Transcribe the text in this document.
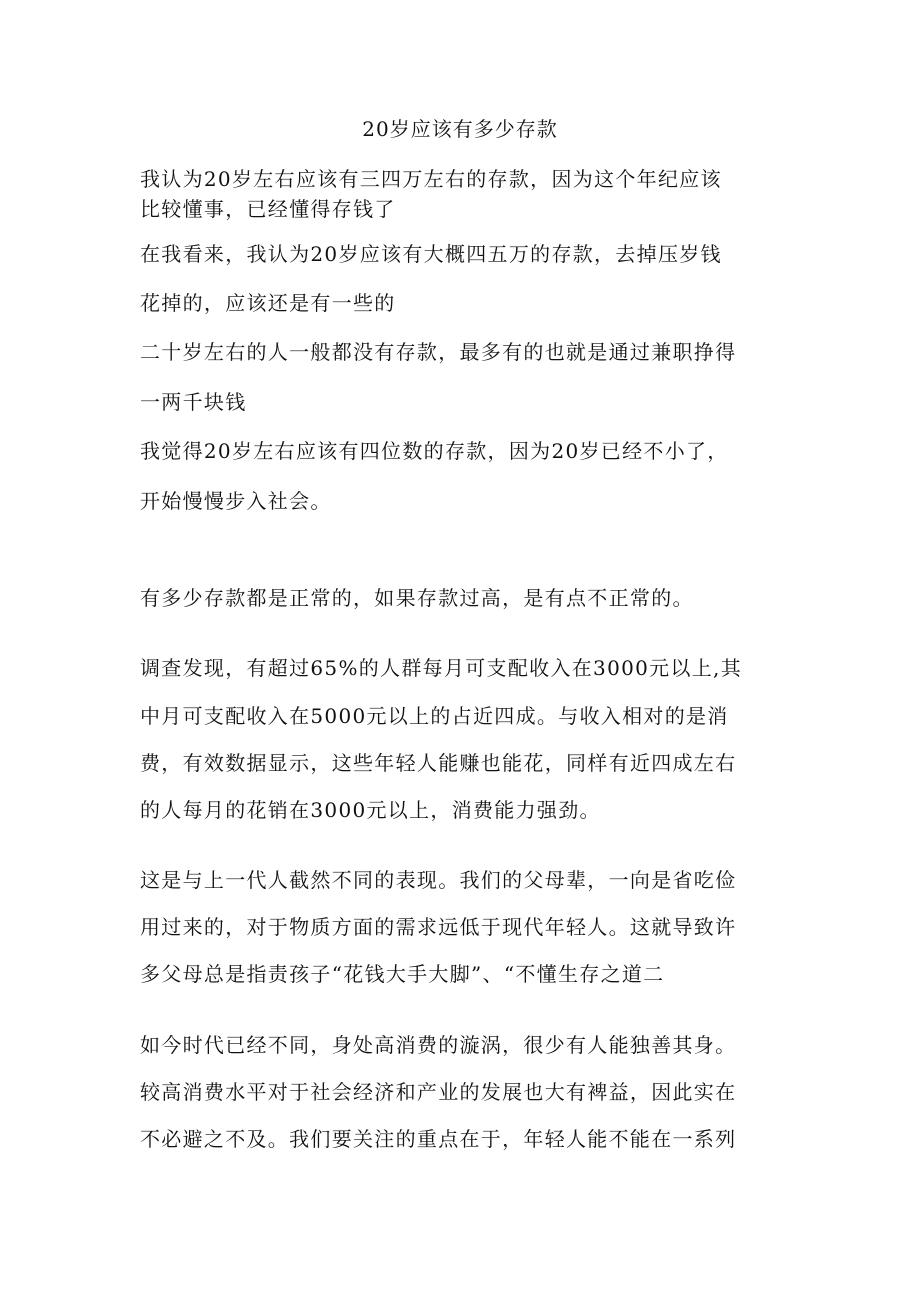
20岁应该有多少存款
我认为20岁左右应该有三四万左右的存款，因为这个年纪应该
比较懂事，已经懂得存钱了
在我看来，我认为20岁应该有大概四五万的存款，去掉压岁钱
花掉的，应该还是有一些的
二十岁左右的人一般都没有存款，最多有的也就是通过兼职挣得
一两千块钱
我觉得20岁左右应该有四位数的存款，因为20岁已经不小了，
开始慢慢步入社会。
有多少存款都是正常的，如果存款过高，是有点不正常的。
调查发现，有超过65%的人群每月可支配收入在3000元以上,其
中月可支配收入在5000元以上的占近四成。与收入相对的是消
费，有效数据显示，这些年轻人能赚也能花，同样有近四成左右
的人每月的花销在3000元以上，消费能力强劲。
这是与上一代人截然不同的表现。我们的父母辈，一向是省吃俭
用过来的，对于物质方面的需求远低于现代年轻人。这就导致许
多父母总是指责孩子“花钱大手大脚”、“不懂生存之道二
如今时代已经不同，身处高消费的漩涡，很少有人能独善其身。
较高消费水平对于社会经济和产业的发展也大有裨益，因此实在
不必避之不及。我们要关注的重点在于，年轻人能不能在一系列
